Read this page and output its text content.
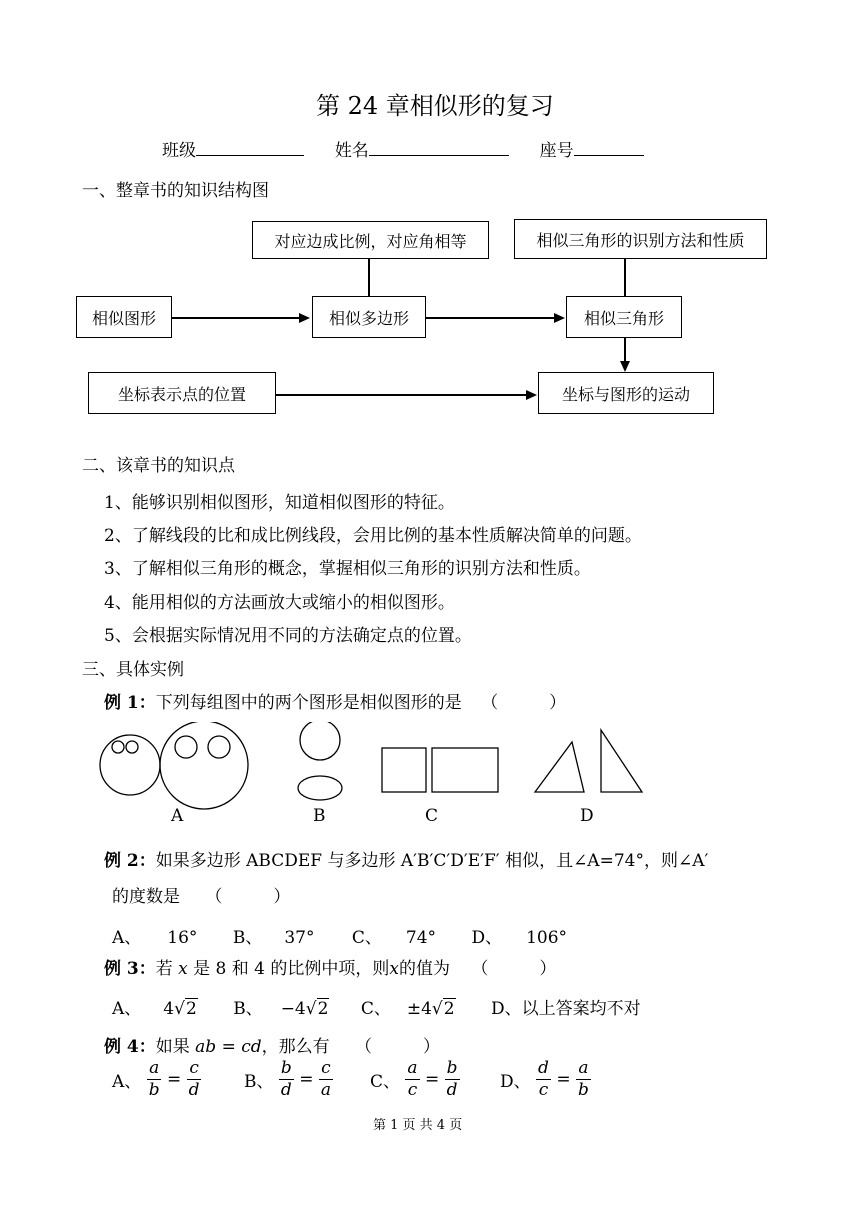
第 24 章相似形的复习
班级	姓名	座号
一、整章书的知识结构图
对应边成比例，对应角相等	相似三角形的识别方法和性质
相似图形	相似多边形	相似三角形
坐标表示点的位置	坐标与图形的运动
二、该章书的知识点
1、能够识别相似图形，知道相似图形的特征。
2、了解线段的比和成比例线段，会用比例的基本性质解决简单的问题。
3、了解相似三角形的概念，掌握相似三角形的识别方法和性质。
4、能用相似的方法画放大或缩小的相似图形。
5、会根据实际情况用不同的方法确定点的位置。
三、具体实例
例 1：下列每组图中的两个图形是相似图形的是 （　　　）
A	B	C	D
例 2：如果多边形 ABCDEF 与多边形 A′B′C′D′E′F′ 相似，且∠A=74°，则∠A′
的度数是 （　　　）
A、 16° B、 37° C、 74° D、 106°
例 3：若 x 是 8 和 4 的比例中项，则x的值为 （　　　）
A、 4√2 B、 −4√2 C、 ±4√2 D、以上答案均不对
例 4：如果 ab = cd，那么有 （　　　）
A、 $\frac{a}{b} = \frac{c}{d}$ B、 $\frac{b}{d} = \frac{c}{a}$ C、 $\frac{a}{c} = \frac{b}{d}$ D、 $\frac{d}{c} = \frac{a}{b}$
第 1 页 共 4 页
